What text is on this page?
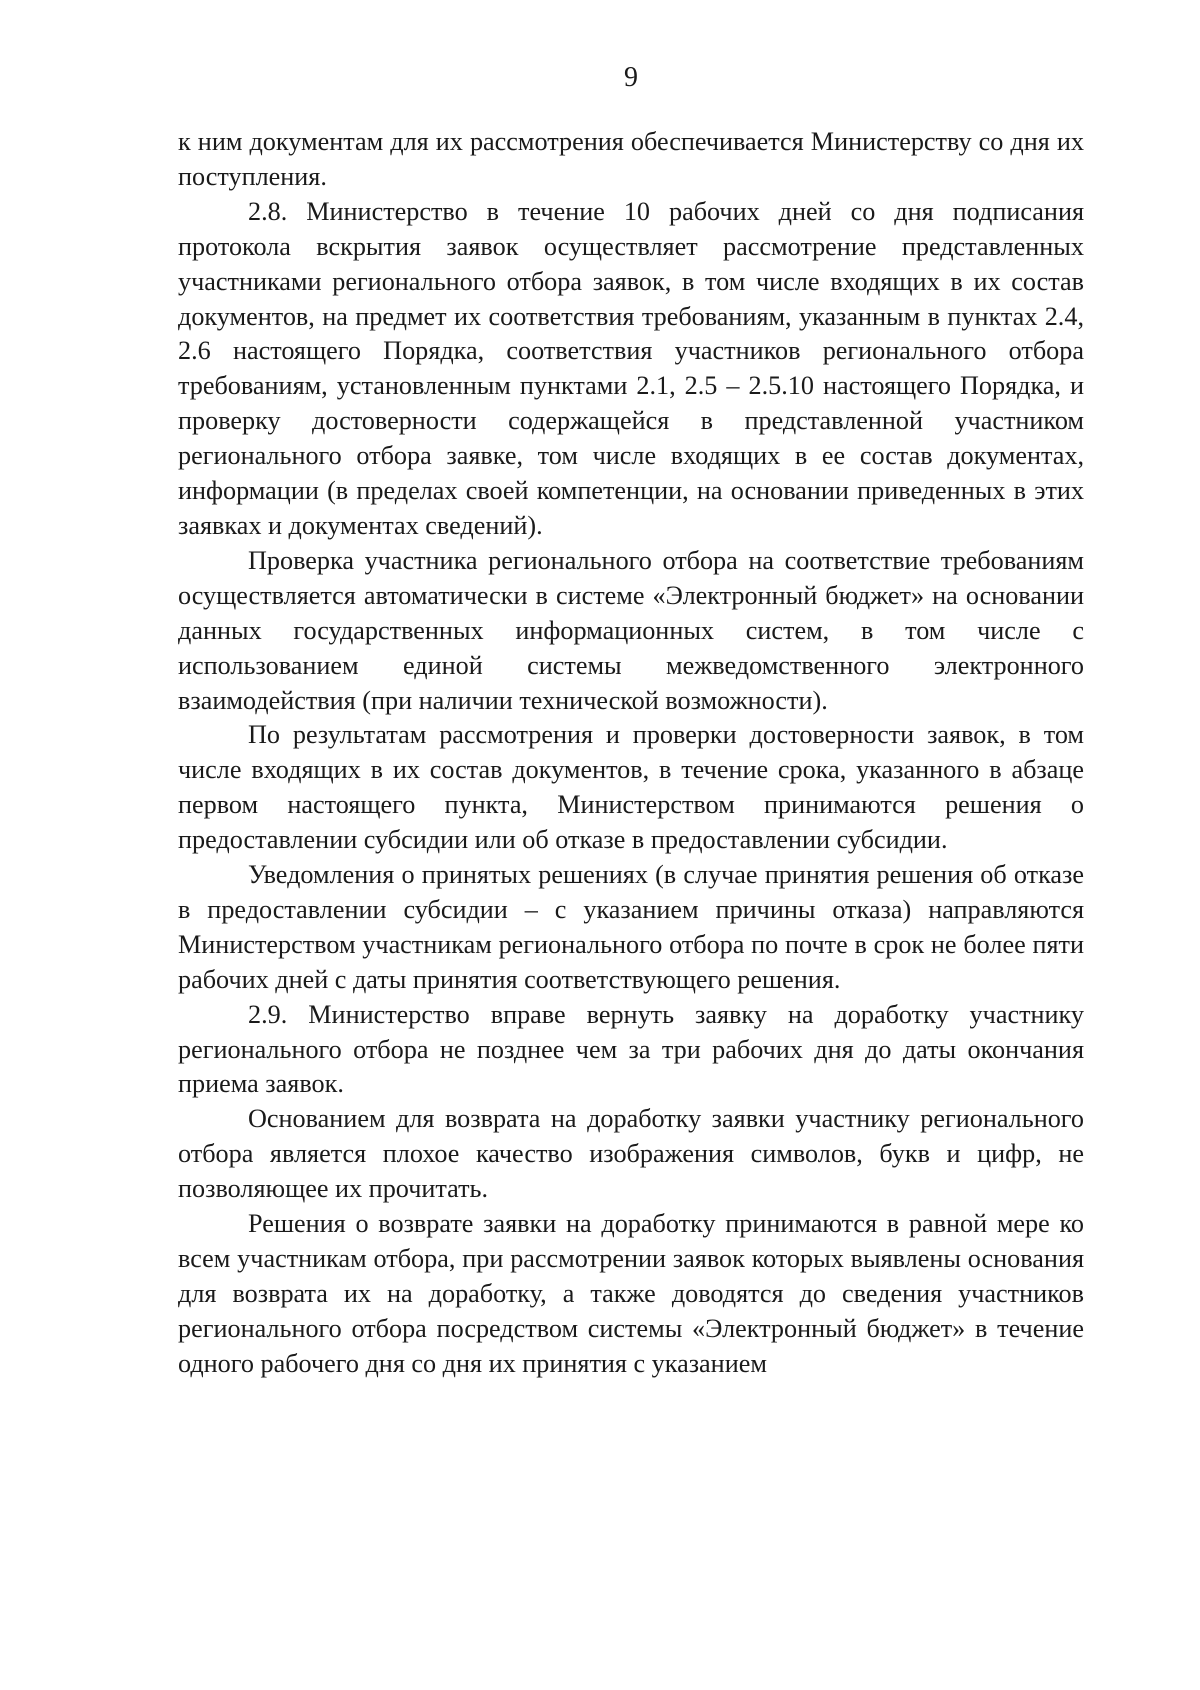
9

к ним документам для их рассмотрения обеспечивается Министерству со дня их поступления.

2.8. Министерство в течение 10 рабочих дней со дня подписания протокола вскрытия заявок осуществляет рассмотрение представленных участниками регионального отбора заявок, в том числе входящих в их состав документов, на предмет их соответствия требованиям, указанным в пунктах 2.4, 2.6 настоящего Порядка, соответствия участников регионального отбора требованиям, установленным пунктами 2.1, 2.5 – 2.5.10 настоящего Порядка, и проверку достоверности содержащейся в представленной участником регионального отбора заявке, том числе входящих в ее состав документах, информации (в пределах своей компетенции, на основании приведенных в этих заявках и документах сведений).

Проверка участника регионального отбора на соответствие требованиям осуществляется автоматически в системе «Электронный бюджет» на основании данных государственных информационных систем, в том числе с использованием единой системы межведомственного электронного взаимодействия (при наличии технической возможности).

По результатам рассмотрения и проверки достоверности заявок, в том числе входящих в их состав документов, в течение срока, указанного в абзаце первом настоящего пункта, Министерством принимаются решения о предоставлении субсидии или об отказе в предоставлении субсидии.

Уведомления о принятых решениях (в случае принятия решения об отказе в предоставлении субсидии – с указанием причины отказа) направляются Министерством участникам регионального отбора по почте в срок не более пяти рабочих дней с даты принятия соответствующего решения.

2.9. Министерство вправе вернуть заявку на доработку участнику регионального отбора не позднее чем за три рабочих дня до даты окончания приема заявок.

Основанием для возврата на доработку заявки участнику регионального отбора является плохое качество изображения символов, букв и цифр, не позволяющее их прочитать.

Решения о возврате заявки на доработку принимаются в равной мере ко всем участникам отбора, при рассмотрении заявок которых выявлены основания для возврата их на доработку, а также доводятся до сведения участников регионального отбора посредством системы «Электронный бюджет» в течение одного рабочего дня со дня их принятия с указанием
